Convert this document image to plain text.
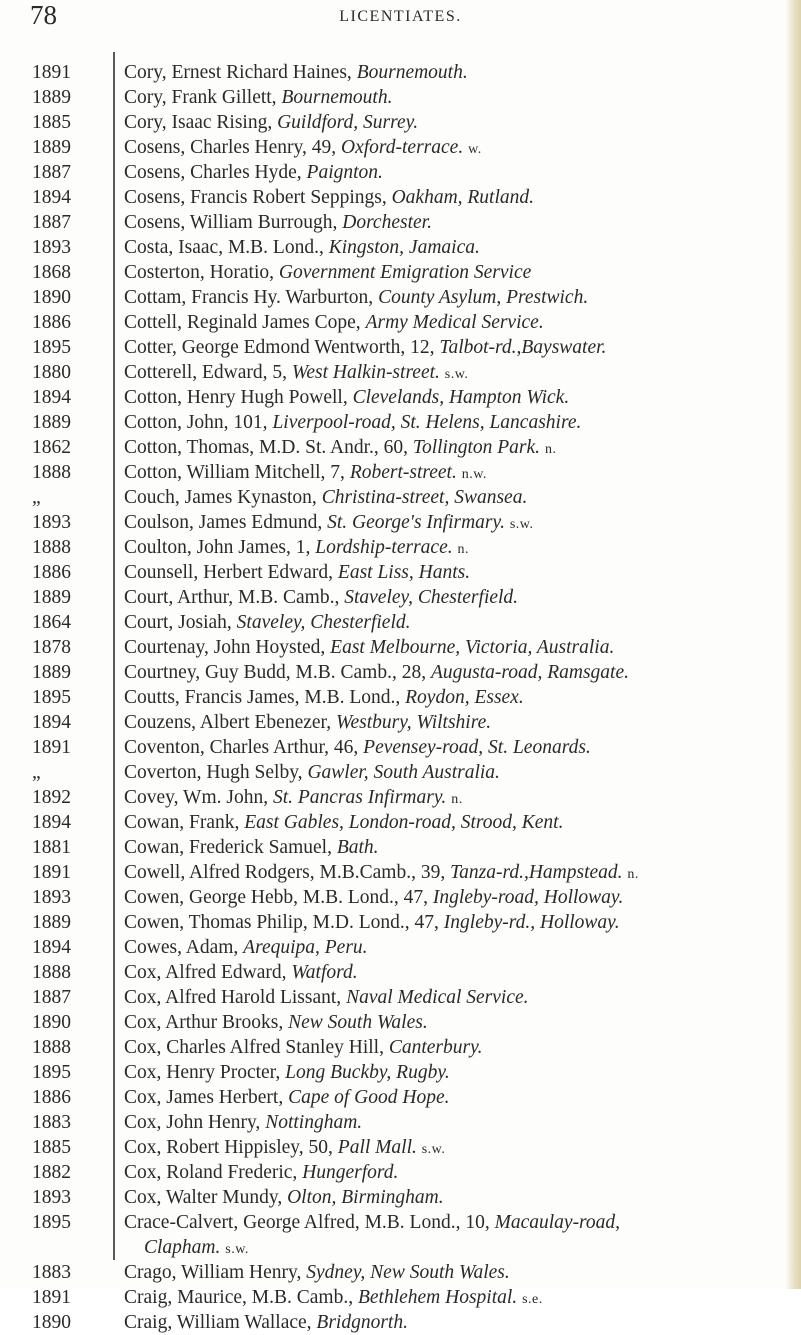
78	LICENTIATES.
1891	Cory, Ernest Richard Haines, Bournemouth.
1889	Cory, Frank Gillett, Bournemouth.
1885	Cory, Isaac Rising, Guildford, Surrey.
1889	Cosens, Charles Henry, 49, Oxford-terrace. w.
1887	Cosens, Charles Hyde, Paignton.
1894	Cosens, Francis Robert Seppings, Oakham, Rutland.
1887	Cosens, William Burrough, Dorchester.
1893	Costa, Isaac, M.B. Lond., Kingston, Jamaica.
1868	Costerton, Horatio, Government Emigration Service
1890	Cottam, Francis Hy. Warburton, County Asylum, Prestwich.
1886	Cottell, Reginald James Cope, Army Medical Service.
1895	Cotter, George Edmond Wentworth, 12, Talbot-rd.,Bayswater.
1880	Cotterell, Edward, 5, West Halkin-street. s.w.
1894	Cotton, Henry Hugh Powell, Clevelands, Hampton Wick.
1889	Cotton, John, 101, Liverpool-road, St. Helens, Lancashire.
1862	Cotton, Thomas, M.D. St. Andr., 60, Tollington Park. n.
1888	Cotton, William Mitchell, 7, Robert-street. n.w.
„	Couch, James Kynaston, Christina-street, Swansea.
1893	Coulson, James Edmund, St. George's Infirmary. s.w.
1888	Coulton, John James, 1, Lordship-terrace. n.
1886	Counsell, Herbert Edward, East Liss, Hants.
1889	Court, Arthur, M.B. Camb., Staveley, Chesterfield.
1864	Court, Josiah, Staveley, Chesterfield.
1878	Courtenay, John Hoysted, East Melbourne, Victoria, Australia.
1889	Courtney, Guy Budd, M.B. Camb., 28, Augusta-road, Ramsgate.
1895	Coutts, Francis James, M.B. Lond., Roydon, Essex.
1894	Couzens, Albert Ebenezer, Westbury, Wiltshire.
1891	Coventon, Charles Arthur, 46, Pevensey-road, St. Leonards.
„	Coverton, Hugh Selby, Gawler, South Australia.
1892	Covey, Wm. John, St. Pancras Infirmary. n.
1894	Cowan, Frank, East Gables, London-road, Strood, Kent.
1881	Cowan, Frederick Samuel, Bath.
1891	Cowell, Alfred Rodgers, M.B.Camb., 39, Tanza-rd.,Hampstead. n.
1893	Cowen, George Hebb, M.B. Lond., 47, Ingleby-road, Holloway.
1889	Cowen, Thomas Philip, M.D. Lond., 47, Ingleby-rd., Holloway.
1894	Cowes, Adam, Arequipa, Peru.
1888	Cox, Alfred Edward, Watford.
1887	Cox, Alfred Harold Lissant, Naval Medical Service.
1890	Cox, Arthur Brooks, New South Wales.
1888	Cox, Charles Alfred Stanley Hill, Canterbury.
1895	Cox, Henry Procter, Long Buckby, Rugby.
1886	Cox, James Herbert, Cape of Good Hope.
1883	Cox, John Henry, Nottingham.
1885	Cox, Robert Hippisley, 50, Pall Mall. s.w.
1882	Cox, Roland Frederic, Hungerford.
1893	Cox, Walter Mundy, Olton, Birmingham.
1895	Crace-Calvert, George Alfred, M.B. Lond., 10, Macaulay-road,
Clapham. s.w.
1883	Crago, William Henry, Sydney, New South Wales.
1891	Craig, Maurice, M.B. Camb., Bethlehem Hospital. s.e.
1890	Craig, William Wallace, Bridgnorth.
